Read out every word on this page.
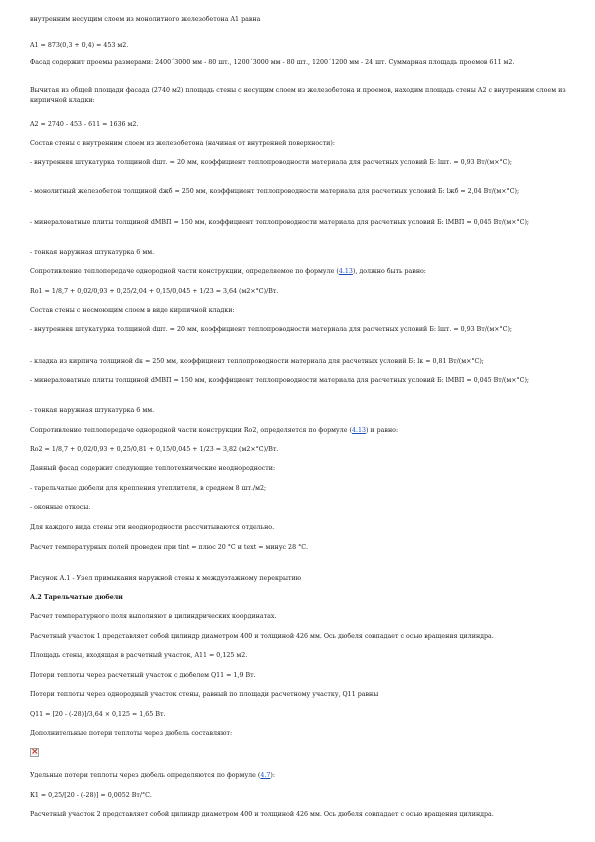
внутренним несущим слоем из монолитного железобетона A1 равна
A1 = 873(0,3 + 0,4) = 453 м2.
Фасад содержит проемы размерами: 2400´3000 мм - 80 шт., 1200´3000 мм - 80 шт., 1200´1200 мм - 24 шт. Суммарная площадь проемов 611 м2.
Вычитая из общей площади фасада (2740 м2) площадь стены с несущим слоем из железобетона и проемов, находим площадь стены A2 с внутренним слоем из кирпичной кладки:
A2 = 2740 - 453 - 611 = 1636 м2.
Состав стены с внутренним слоем из железобетона (начиная от внутренней поверхности):
- внутренняя штукатурка толщиной dшт. = 20 мм, коэффициент теплопроводности материала для расчетных условий Б: lшт. = 0,93 Вт/(м×°С);
- монолитный железобетон толщиной dжб = 250 мм, коэффициент теплопроводности материала для расчетных условий Б: lжб = 2,04 Вт/(м×°С);
- минераловатные плиты толщиной dМВП = 150 мм, коэффициент теплопроводности материала для расчетных условий Б: lМВП = 0,045 Вт/(м×°С);
- тонкая наружная штукатурка 6 мм.
Сопротивление теплопередаче однородной части конструкции, определяемое по формуле (4.13), должно быть равно:
Ro1 = 1/8,7 + 0,02/0,93 + 0,25/2,04 + 0,15/0,045 + 1/23 = 3,64 (м2×°С)/Вт.
Состав стены с несмоющим слоем в виде кирпичной кладки:
- внутренняя штукатурка толщиной dшт. = 20 мм, коэффициент теплопроводности материала для расчетных условий Б: lшт. = 0,93 Вт/(м×°С);
- кладка из кирпича толщиной dк = 250 мм, коэффициент теплопроводности материала для расчетных условий Б: lк = 0,81 Вт/(м×°С);
- минераловатные плиты толщиной dМВП = 150 мм, коэффициент теплопроводности материала для расчетных условий Б: lМВП = 0,045 Вт/(м×°С);
- тонкая наружная штукатурка 6 мм.
Сопротивление теплопередаче однородной части конструкции Ro2, определяется по формуле (4.13) и равно:
Ro2 = 1/8,7 + 0,02/0,93 + 0,25/0,81 + 0,15/0,045 + 1/23 = 3,82 (м2×°С)/Вт.
Данный фасад содержит следующие теплотехнические неоднородности:
- тарельчатые дюбели для крепления утеплителя, в среднем 8 шт./м2;
- оконные откосы.
Для каждого вида стены эти неоднородности рассчитываются отдельно.
Расчет температурных полей проведен при tint = плюс 20 °С и text = минус 28 °С.
Рисунок А.1 - Узел примыкания наружной стены к междуэтажному перекрытию
А.2 Тарельчатые дюбели
Расчет температурного поля выполняют в цилиндрических координатах.
Расчетный участок 1 представляет собой цилиндр диаметром 400 и толщиной 426 мм. Ось дюбеля совпадает с осью вращения цилиндра.
Площадь стены, входящая в расчетный участок, A11 = 0,125 м2.
Потери теплоты через расчетный участок с дюбелем Q11 = 1,9 Вт.
Потери теплоты через однородный участок стены, равный по площади расчетному участку, Q11 равны
Q11 = [20 - (-28)]/3,64 × 0,125 = 1,65 Вт.
Дополнительные потери теплоты через дюбель составляют:
×
Удельные потери теплоты через дюбель определяются по формуле (4.7):
К1 = 0,25/[20 - (-28)] = 0,0052 Вт/°С.
Расчетный участок 2 представляет собой цилиндр диаметром 400 и толщиной 426 мм. Ось дюбеля совпадает с осью вращения цилиндра.
